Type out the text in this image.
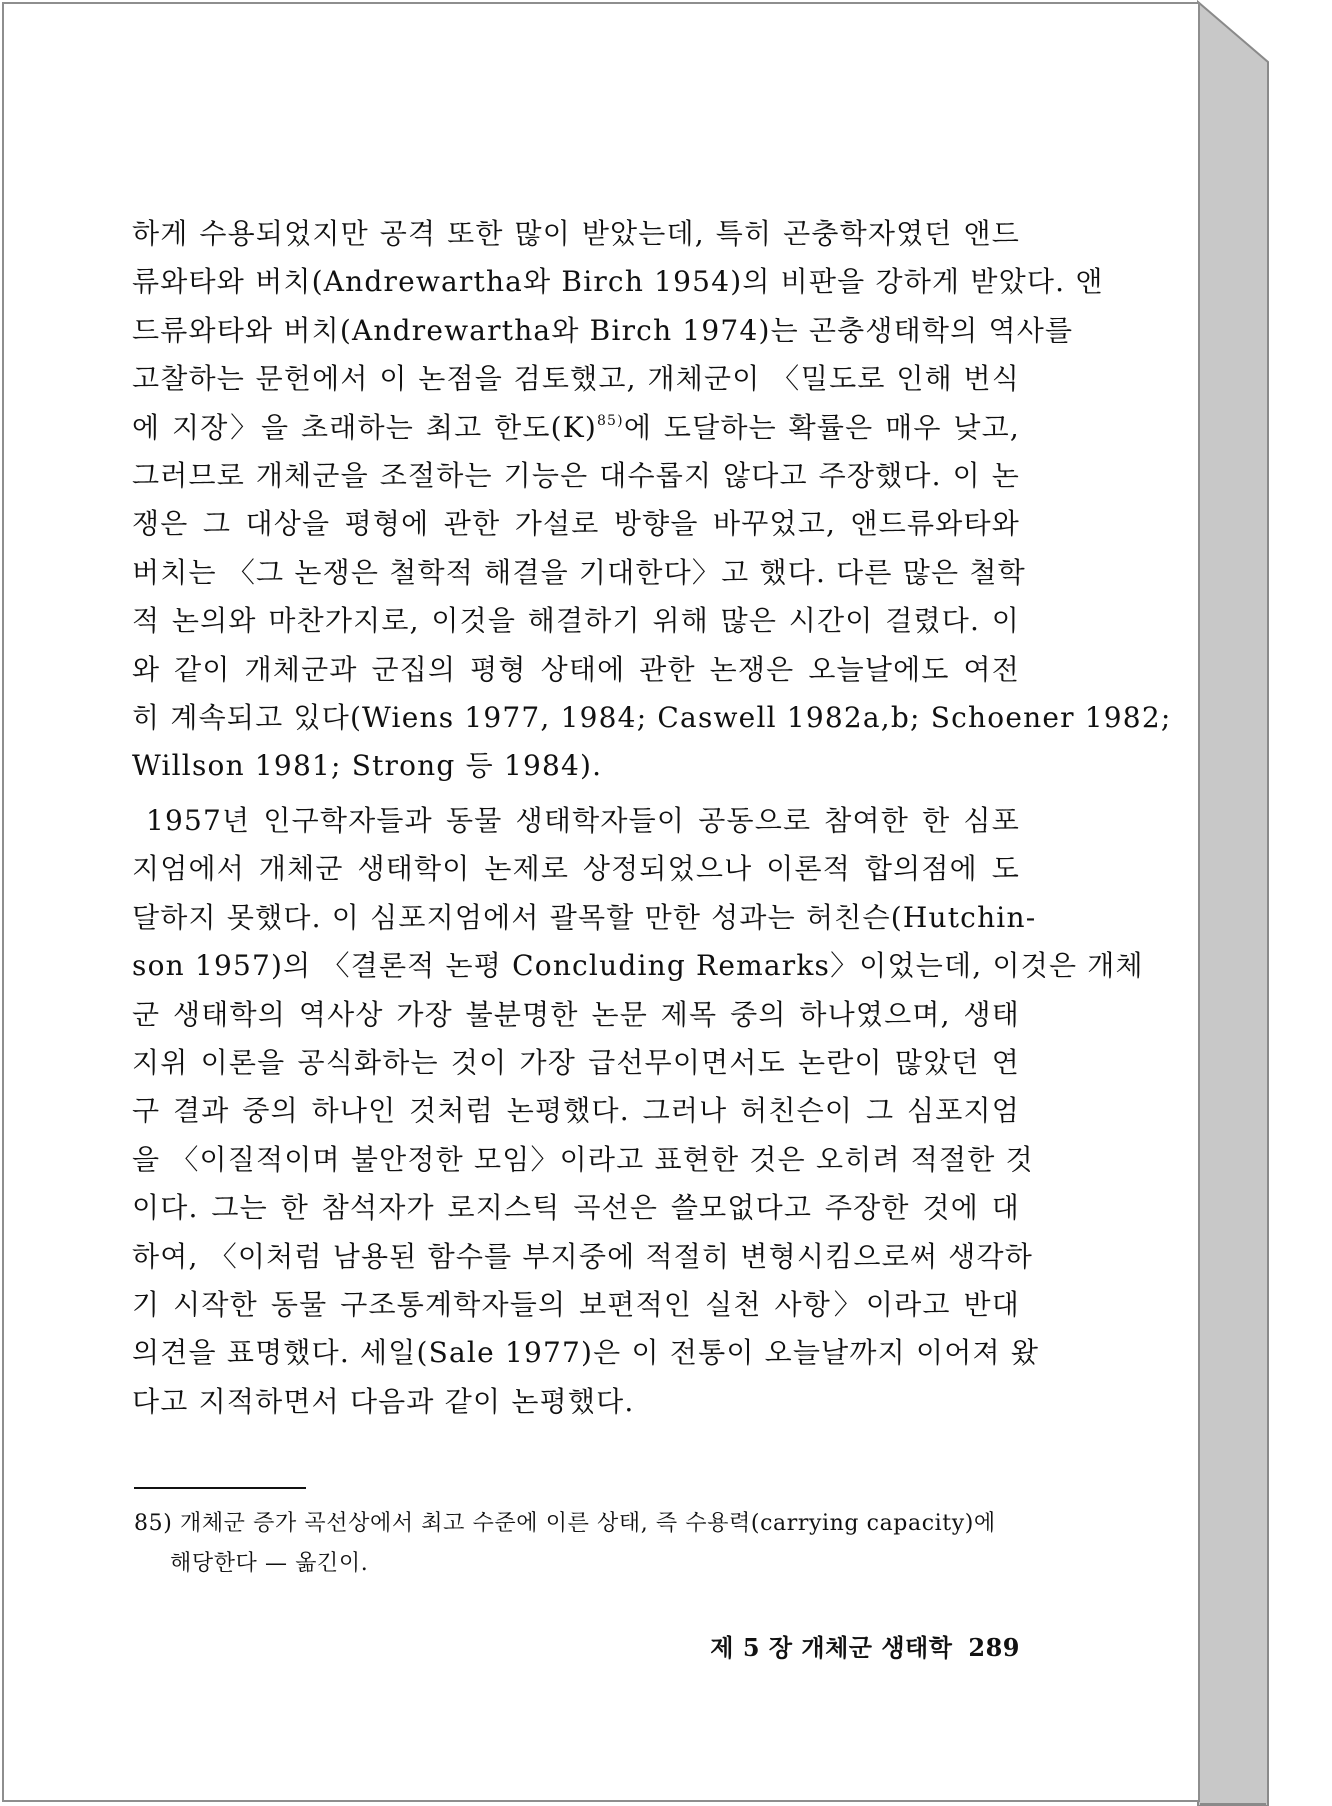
하게 수용되었지만 공격 또한 많이 받았는데, 특히 곤충학자였던 앤드
류와타와 버치(Andrewartha와 Birch 1954)의 비판을 강하게 받았다. 앤
드류와타와 버치(Andrewartha와 Birch 1974)는 곤충생태학의 역사를
고찰하는 문헌에서 이 논점을 검토했고, 개체군이 〈밀도로 인해 번식
에 지장〉을 초래하는 최고 한도$(K)^{85)}$에 도달하는 확률은 매우 낮고,
그러므로 개체군을 조절하는 기능은 대수롭지 않다고 주장했다. 이 논
쟁은 그 대상을 평형에 관한 가설로 방향을 바꾸었고, 앤드류와타와
버치는 〈그 논쟁은 철학적 해결을 기대한다〉고 했다. 다른 많은 철학
적 논의와 마찬가지로, 이것을 해결하기 위해 많은 시간이 걸렸다. 이
와 같이 개체군과 군집의 평형 상태에 관한 논쟁은 오늘날에도 여전
히 계속되고 있다(Wiens 1977, 1984; Caswell 1982a,b; Schoener 1982;
Willson 1981; Strong 등 1984).

1957년 인구학자들과 동물 생태학자들이 공동으로 참여한 한 심포
지엄에서 개체군 생태학이 논제로 상정되었으나 이론적 합의점에 도
달하지 못했다. 이 심포지엄에서 괄목할 만한 성과는 허친슨(Hutchin-
son 1957)의 〈결론적 논평 Concluding Remarks〉이었는데, 이것은 개체
군 생태학의 역사상 가장 불분명한 논문 제목 중의 하나였으며, 생태
지위 이론을 공식화하는 것이 가장 급선무이면서도 논란이 많았던 연
구 결과 중의 하나인 것처럼 논평했다. 그러나 허친슨이 그 심포지엄
을 〈이질적이며 불안정한 모임〉이라고 표현한 것은 오히려 적절한 것
이다. 그는 한 참석자가 로지스틱 곡선은 쓸모없다고 주장한 것에 대
하여, 〈이처럼 남용된 함수를 부지중에 적절히 변형시킴으로써 생각하
기 시작한 동물 구조통계학자들의 보편적인 실천 사항〉이라고 반대
의견을 표명했다. 세일(Sale 1977)은 이 전통이 오늘날까지 이어져 왔
다고 지적하면서 다음과 같이 논평했다.

85) 개체군 증가 곡선상에서 최고 수준에 이른 상태, 즉 수용력(carrying capacity)에
해당한다 — 옮긴이.
제 5 장 개체군 생태학 289
